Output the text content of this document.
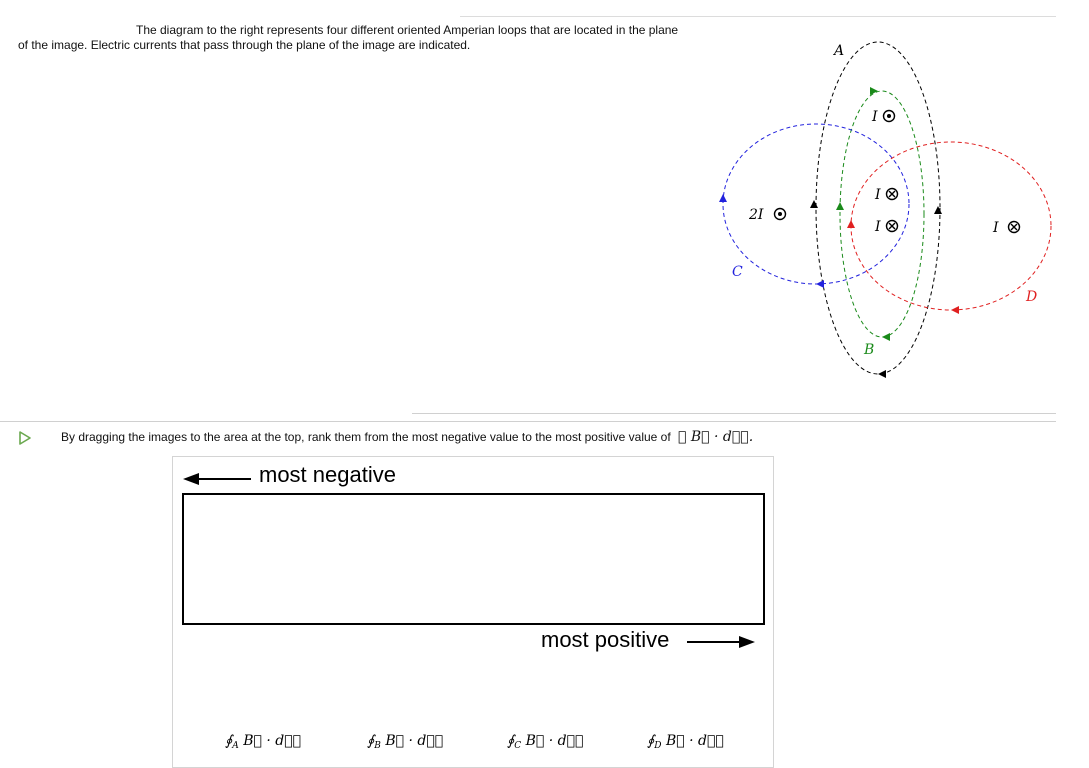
The diagram to the right represents four different oriented Amperian loops that are located in the plane
of the image. Electric currents that pass through the plane of the image are indicated.	A
B
C
D
I
I
I
2I
I
By dragging the images to the area at the top, rank them from the most negative value to the most positive value of ∮ B⃗ · dℓ⃗.
most negative
most positive
$∮_A$ B⃗ · dℓ⃗	$∮_B$ B⃗ · dℓ⃗	$∮_C$ B⃗ · dℓ⃗	$∮_D$ B⃗ · dℓ⃗
